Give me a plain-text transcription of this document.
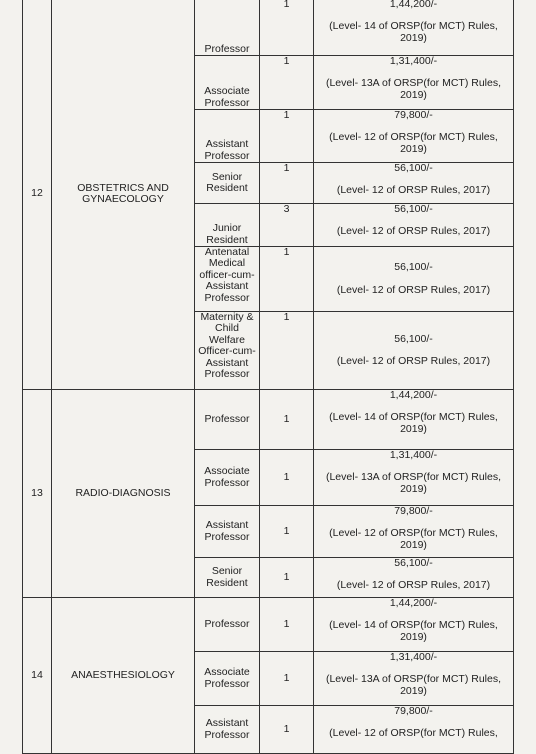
12	OBSTETRICS AND GYNAECOLOGY	Professor	1	1,44,200/-
(Level- 14 of ORSP(for MCT) Rules, 2019)

		Associate Professor	1	1,31,400/-
(Level- 13A of ORSP(for MCT) Rules, 2019)

		Assistant Professor	1	79,800/-
(Level- 12 of ORSP(for MCT) Rules, 2019)

		Senior Resident	1	56,100/-
(Level- 12 of ORSP Rules, 2017)

		Junior Resident	3	56,100/-
(Level- 12 of ORSP Rules, 2017)

		Antenatal Medical officer-cum-Assistant Professor	1	56,100/-
(Level- 12 of ORSP Rules, 2017)

		Maternity & Child Welfare Officer-cum-Assistant Professor	1	56,100/-
(Level- 12 of ORSP Rules, 2017)

13	RADIO-DIAGNOSIS	Professor	1	1,44,200/-
(Level- 14 of ORSP(for MCT) Rules, 2019)

		Associate Professor	1	1,31,400/-
(Level- 13A of ORSP(for MCT) Rules, 2019)

		Assistant Professor	1	79,800/-
(Level- 12 of ORSP(for MCT) Rules, 2019)

		Senior Resident	1	56,100/-
(Level- 12 of ORSP Rules, 2017)

14	ANAESTHESIOLOGY	Professor	1	1,44,200/-
(Level- 14 of ORSP(for MCT) Rules, 2019)

		Associate Professor	1	1,31,400/-
(Level- 13A of ORSP(for MCT) Rules, 2019)

		Assistant Professor	1	79,800/-
(Level- 12 of ORSP(for MCT) Rules,
